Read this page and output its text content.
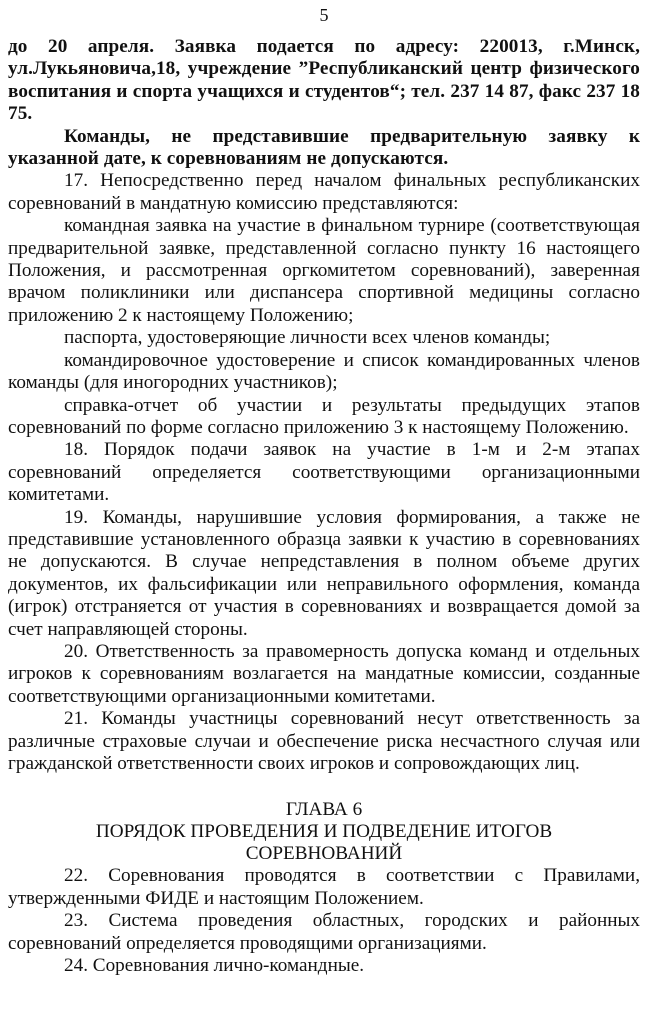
5

до 20 апреля. Заявка подается по адресу: 220013, г.Минск, ул.Лукьяновича,18, учреждение ”Республиканский центр физического воспитания и спорта учащихся и студентов“; тел. 237 14 87, факс 237 18 75.

Команды, не представившие предварительную заявку к указанной дате, к соревнованиям не допускаются.

17. Непосредственно перед началом финальных республиканских соревнований в мандатную комиссию представляются:

командная заявка на участие в финальном турнире (соответствующая предварительной заявке, представленной согласно пункту 16 настоящего Положения, и рассмотренная оргкомитетом соревнований), заверенная врачом поликлиники или диспансера спортивной медицины согласно приложению 2 к настоящему Положению;

паспорта, удостоверяющие личности всех членов команды;

командировочное удостоверение и список командированных членов команды (для иногородних участников);

справка-отчет об участии и результаты предыдущих этапов соревнований по форме согласно приложению 3 к настоящему Положению.

18. Порядок подачи заявок на участие в 1-м и 2-м этапах соревнований определяется соответствующими организационными комитетами.

19. Команды, нарушившие условия формирования, а также не представившие установленного образца заявки к участию в соревнованиях не допускаются. В случае непредставления в полном объеме других документов, их фальсификации или неправильного оформления, команда (игрок) отстраняется от участия в соревнованиях и возвращается домой за счет направляющей стороны.

20. Ответственность за правомерность допуска команд и отдельных игроков к соревнованиям возлагается на мандатные комиссии, созданные соответствующими организационными комитетами.

21. Команды участницы соревнований несут ответственность за различные страховые случаи и обеспечение риска несчастного случая или гражданской ответственности своих игроков и сопровождающих лиц.

ГЛАВА 6
ПОРЯДОК ПРОВЕДЕНИЯ И ПОДВЕДЕНИЕ ИТОГОВ
СОРЕВНОВАНИЙ

22. Соревнования проводятся в соответствии с Правилами, утвержденными ФИДЕ и настоящим Положением.

23. Система проведения областных, городских и районных соревнований определяется проводящими организациями.

24. Соревнования лично-командные.
